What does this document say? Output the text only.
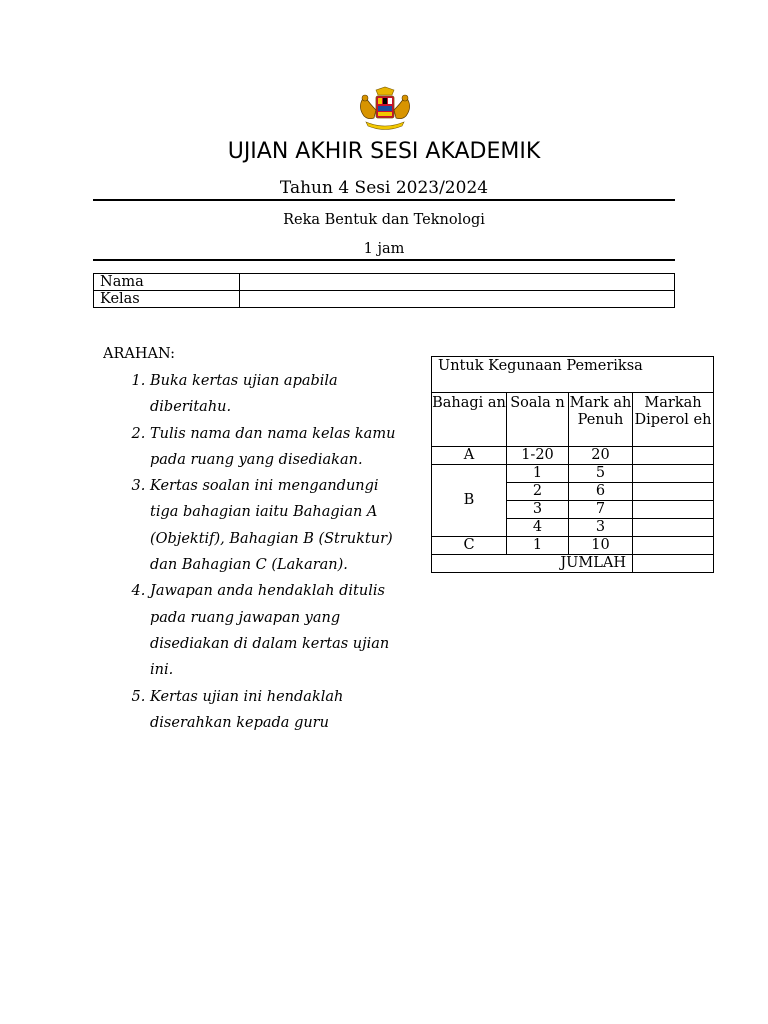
UJIAN AKHIR SESI AKADEMIK
Tahun 4 Sesi 2023/2024
Reka Bentuk dan Teknologi
1 jam
Nama	
Kelas	
ARAHAN:
1. Buka kertas ujian apabila diberitahu.
2. Tulis nama dan nama kelas kamu pada ruang yang disediakan.
3. Kertas soalan ini mengandungi tiga bahagian iaitu Bahagian A (Objektif), Bahagian B (Struktur) dan Bahagian C (Lakaran).
4. Jawapan anda hendaklah ditulis pada ruang jawapan yang disediakan di dalam kertas ujian ini.
5. Kertas ujian ini hendaklah diserahkan kepada guru
Untuk Kegunaan Pemeriksa			
Bahagi an	Soala n	Mark ah Penuh	Markah Diperol eh
A	1-20	20	
B	1	5	
	2	6	
	3	7	
	4	3	
C	1	10	
JUMLAH			
